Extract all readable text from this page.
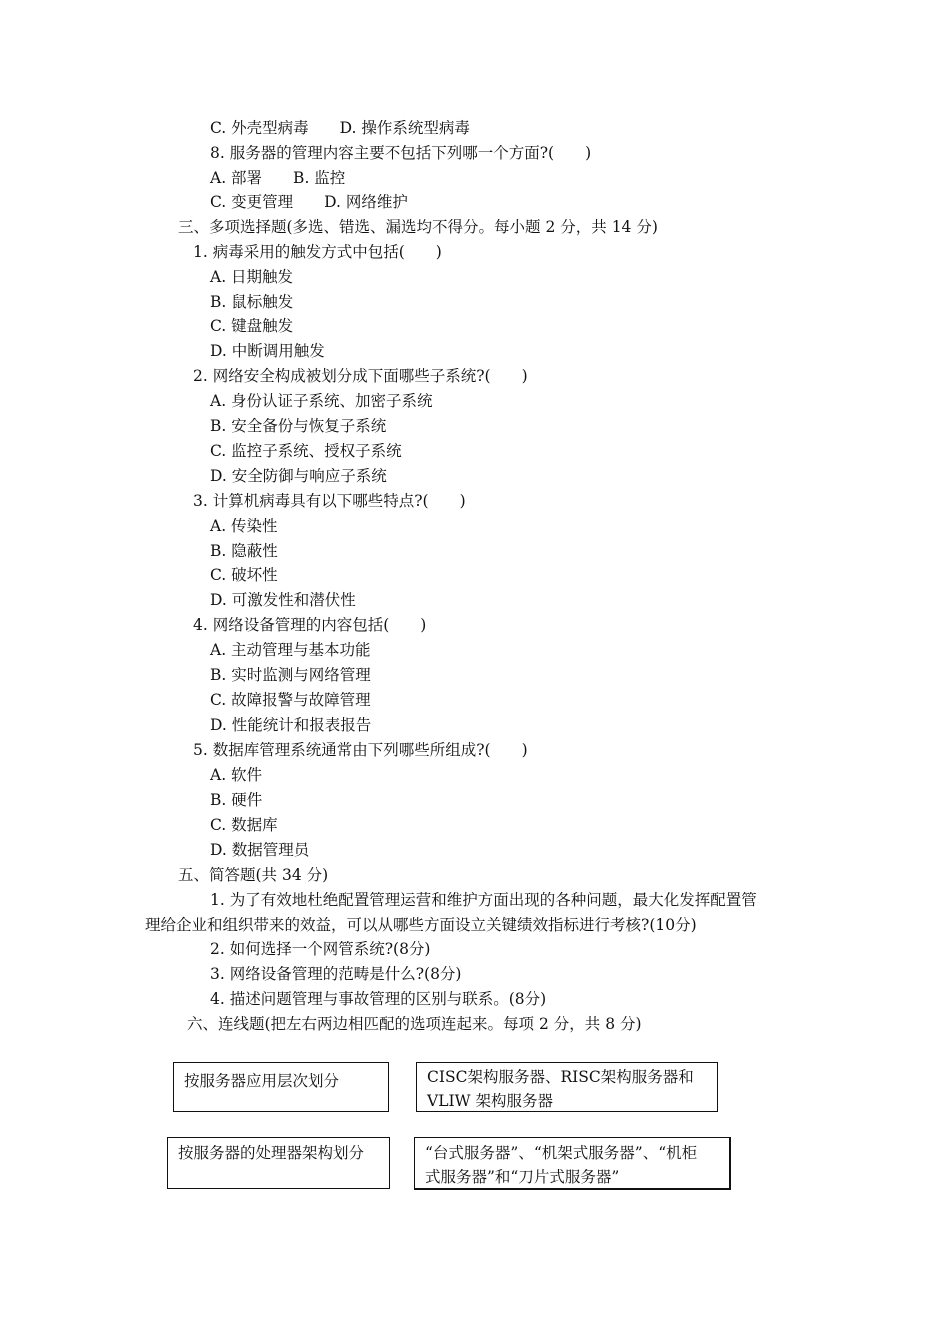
C. 外壳型病毒　　D. 操作系统型病毒
8. 服务器的管理内容主要不包括下列哪一个方面?(　　)
A. 部署　　B. 监控
C. 变更管理　　D. 网络维护
三、多项选择题(多选、错选、漏选均不得分。每小题 2 分，共 14 分)
1. 病毒采用的触发方式中包括(　　)
A. 日期触发
B. 鼠标触发
C. 键盘触发
D. 中断调用触发
2. 网络安全构成被划分成下面哪些子系统?(　　)
A. 身份认证子系统、加密子系统
B. 安全备份与恢复子系统
C. 监控子系统、授权子系统
D. 安全防御与响应子系统
3. 计算机病毒具有以下哪些特点?(　　)
A. 传染性
B. 隐蔽性
C. 破坏性
D. 可激发性和潜伏性
4. 网络设备管理的内容包括(　　)
A. 主动管理与基本功能
B. 实时监测与网络管理
C. 故障报警与故障管理
D. 性能统计和报表报告
5. 数据库管理系统通常由下列哪些所组成?(　　)
A. 软件
B. 硬件
C. 数据库
D. 数据管理员
五、简答题(共 34 分)
1. 为了有效地杜绝配置管理运营和维护方面出现的各种问题，最大化发挥配置管
理给企业和组织带来的效益，可以从哪些方面设立关键绩效指标进行考核?(10分)
2. 如何选择一个网管系统?(8分)
3. 网络设备管理的范畴是什么?(8分)
4. 描述问题管理与事故管理的区别与联系。(8分)
六、连线题(把左右两边相匹配的选项连起来。每项 2 分，共 8 分)
按服务器应用层次划分	CISC架构服务器、RISC架构服务器和
VLIW 架构服务器
按服务器的处理器架构划分	“台式服务器”、“机架式服务器”、“机柜
式服务器”和“刀片式服务器”
